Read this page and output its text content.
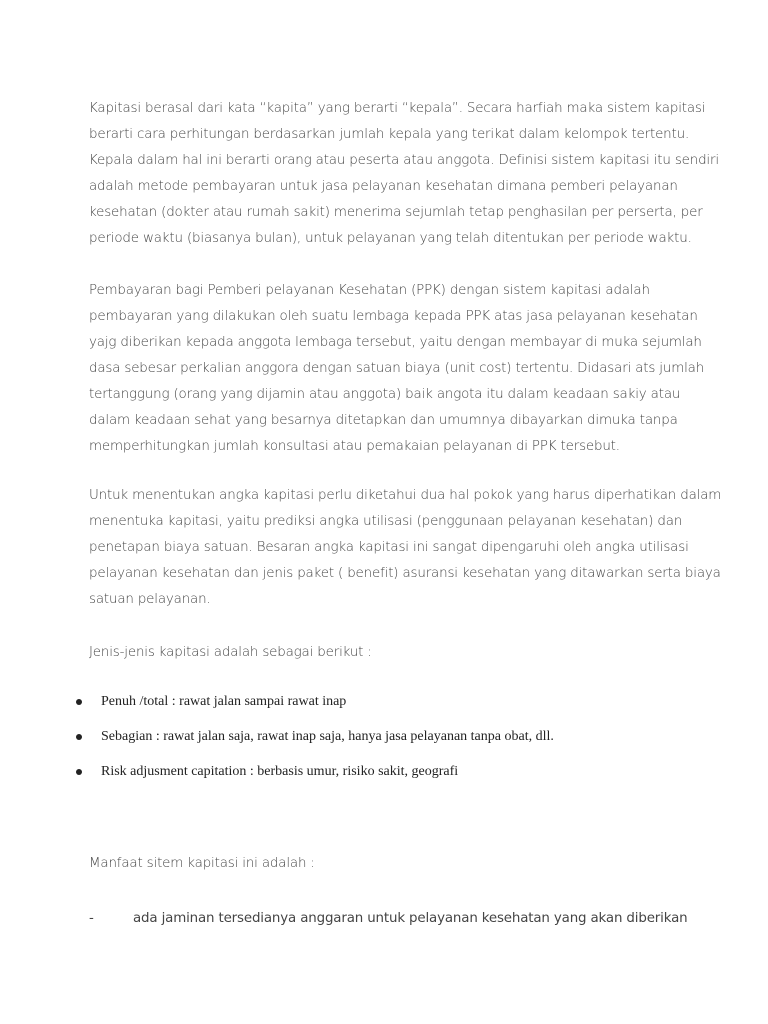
Kapitasi berasal dari kata “kapita” yang berarti “kepala”. Secara harfiah maka sistem kapitasi
berarti cara perhitungan berdasarkan jumlah kepala yang terikat dalam kelompok tertentu.
Kepala dalam hal ini berarti orang atau peserta atau anggota. Definisi sistem kapitasi itu sendiri
adalah metode pembayaran untuk jasa pelayanan kesehatan dimana pemberi pelayanan
kesehatan (dokter atau rumah sakit) menerima sejumlah tetap penghasilan per perserta, per
periode waktu (biasanya bulan), untuk pelayanan yang telah ditentukan per periode waktu.
Pembayaran bagi Pemberi pelayanan Kesehatan (PPK) dengan sistem kapitasi adalah
pembayaran yang dilakukan oleh suatu lembaga kepada PPK atas jasa pelayanan kesehatan
yajg diberikan kepada anggota lembaga tersebut, yaitu dengan membayar di muka sejumlah
dasa sebesar perkalian anggora dengan satuan biaya (unit cost) tertentu. Didasari ats jumlah
tertanggung (orang yang dijamin atau anggota) baik angota itu dalam keadaan sakiy atau
dalam keadaan sehat yang besarnya ditetapkan dan umumnya dibayarkan dimuka tanpa
memperhitungkan jumlah konsultasi atau pemakaian pelayanan di PPK tersebut.
Untuk menentukan angka kapitasi perlu diketahui dua hal pokok yang harus diperhatikan dalam
menentuka kapitasi, yaitu prediksi angka utilisasi (penggunaan pelayanan kesehatan) dan
penetapan biaya satuan. Besaran angka kapitasi ini sangat dipengaruhi oleh angka utilisasi
pelayanan kesehatan dan jenis paket ( benefit) asuransi kesehatan yang ditawarkan serta biaya
satuan pelayanan.
Jenis-jenis kapitasi adalah sebagai berikut :
Penuh /total : rawat jalan sampai rawat inap
Sebagian : rawat jalan saja, rawat inap saja, hanya jasa pelayanan tanpa obat, dll.
Risk adjusment capitation : berbasis umur, risiko sakit, geografi
Manfaat sitem kapitasi ini adalah :
-	ada jaminan tersedianya anggaran untuk pelayanan kesehatan yang akan diberikan
